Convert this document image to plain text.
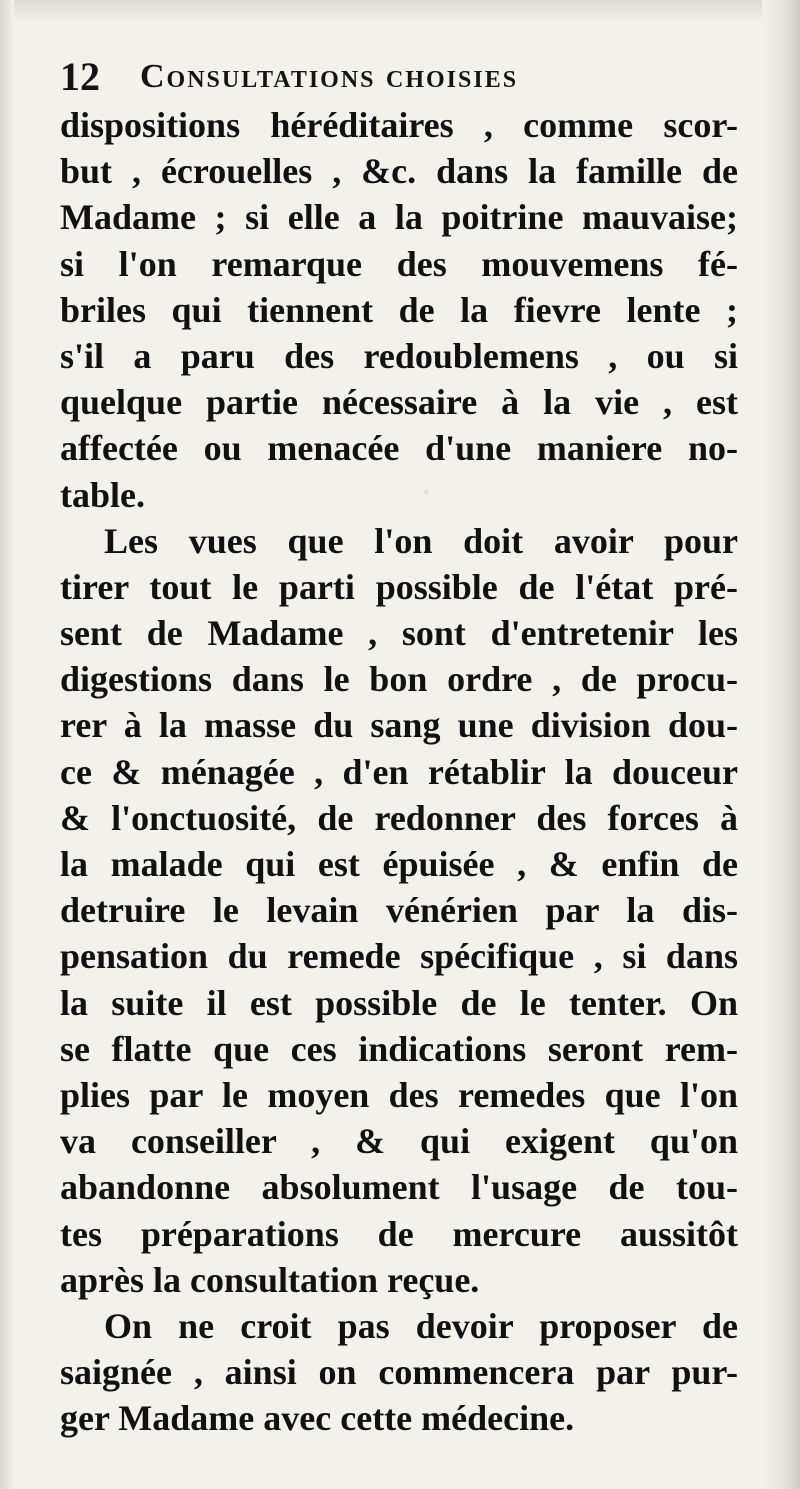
·
12 Consultations choisies
dispositions héréditaires , comme scor-
but , écrouelles , &c. dans la famille de
Madame ; si elle a la poitrine mauvaise;
si l'on remarque des mouvemens fé-
briles qui tiennent de la fievre lente ;
s'il a paru des redoublemens , ou si
quelque partie nécessaire à la vie , est
affectée ou menacée d'une maniere no-
table.
Les vues que l'on doit avoir pour
tirer tout le parti possible de l'état pré-
sent de Madame , sont d'entretenir les
digestions dans le bon ordre , de procu-
rer à la masse du sang une division dou-
ce & ménagée , d'en rétablir la douceur
& l'onctuosité, de redonner des forces à
la malade qui est épuisée , & enfin de
detruire le levain vénérien par la dis-
pensation du remede spécifique , si dans
la suite il est possible de le tenter. On
se flatte que ces indications seront rem-
plies par le moyen des remedes que l'on
va conseiller , & qui exigent qu'on
abandonne absolument l'usage de tou-
tes préparations de mercure aussitôt
après la consultation reçue.
On ne croit pas devoir proposer de
saignée , ainsi on commencera par pur-
ger Madame avec cette médecine.
